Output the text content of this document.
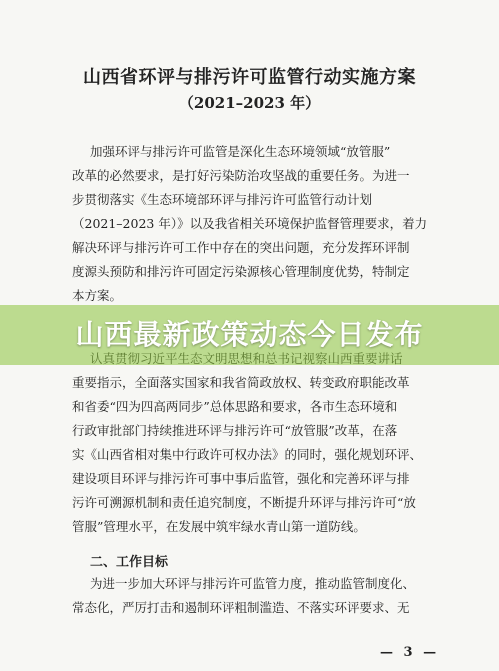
山西省环评与排污许可监管行动实施方案
（2021–2023 年）
加强环评与排污许可监管是深化生态环境领域“放管服”
改革的必然要求，是打好污染防治攻坚战的重要任务。为进一
步贯彻落实《生态环境部环评与排污许可监管行动计划
（2021–2023 年）》以及我省相关环境保护监督管理要求，着力
解决环评与排污许可工作中存在的突出问题，充分发挥环评制
度源头预防和排污许可固定污染源核心管理制度优势，特制定
本方案。
重要指示，全面落实国家和我省简政放权、转变政府职能改革
和省委“四为四高两同步”总体思路和要求，各市生态环境和
行政审批部门持续推进环评与排污许可“放管服”改革，在落
实《山西省相对集中行政许可权办法》的同时，强化规划环评、
建设项目环评与排污许可事中事后监管，强化和完善环评与排
污许可溯源机制和责任追究制度，不断提升环评与排污许可“放
管服”管理水平，在发展中筑牢绿水青山第一道防线。
二、工作目标
为进一步加大环评与排污许可监管力度，推动监管制度化、
常态化，严厉打击和遏制环评粗制滥造、不落实环评要求、无
— 3 —
山西最新政策动态今日发布
